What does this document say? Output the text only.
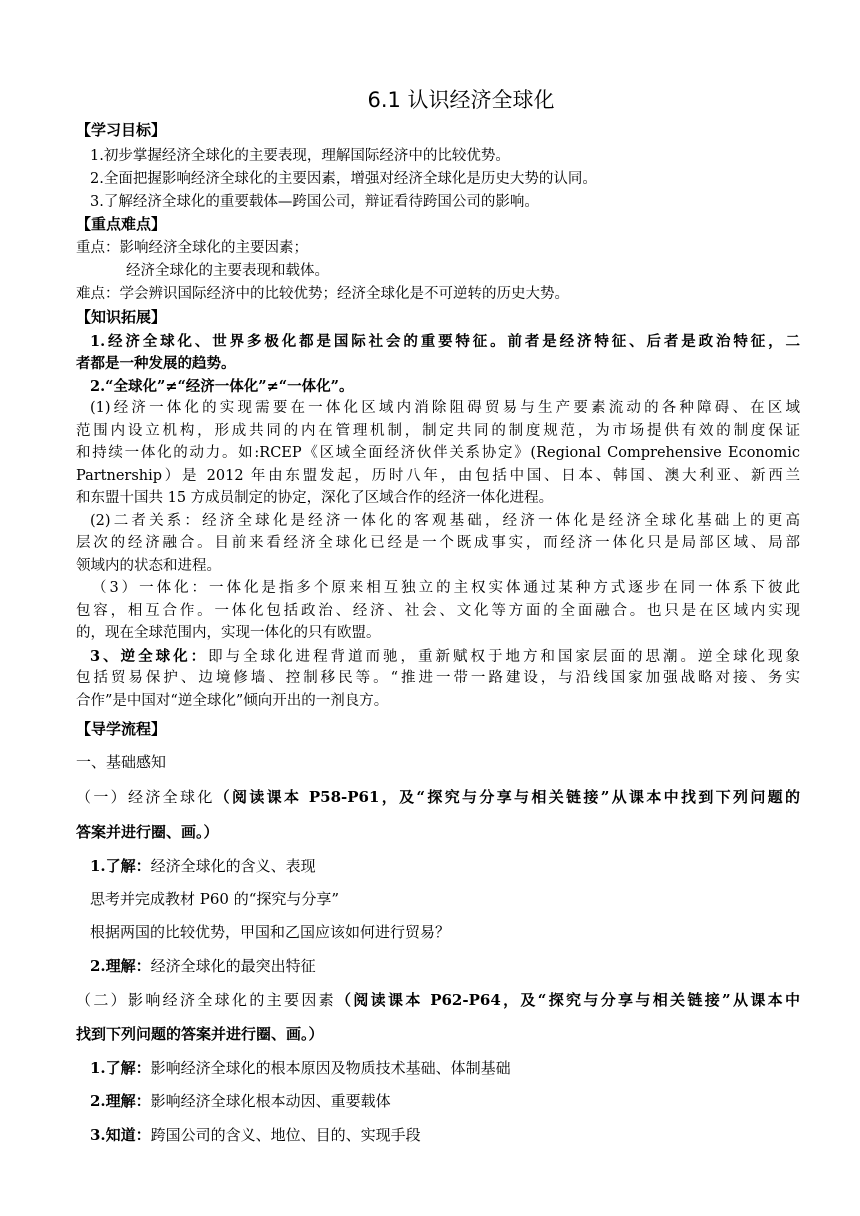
6.1 认识经济全球化
【学习目标】
1.初步掌握经济全球化的主要表现，理解国际经济中的比较优势。
2.全面把握影响经济全球化的主要因素，增强对经济全球化是历史大势的认同。
3.了解经济全球化的重要载体—跨国公司，辩证看待跨国公司的影响。
【重点难点】
重点：影响经济全球化的主要因素；
经济全球化的主要表现和载体。
难点：学会辨识国际经济中的比较优势；经济全球化是不可逆转的历史大势。
【知识拓展】
1.经济全球化、世界多极化都是国际社会的重要特征。前者是经济特征、后者是政治特征，二
者都是一种发展的趋势。
2.“全球化”≠“经济一体化”≠“一体化”。
(1)经济一体化的实现需要在一体化区域内消除阻碍贸易与生产要素流动的各种障碍、在区域
范围内设立机构，形成共同的内在管理机制，制定共同的制度规范，为市场提供有效的制度保证
和持续一体化的动力。如:RCEP《区域全面经济伙伴关系协定》(Regional Comprehensive Economic
Partnership）是 2012 年由东盟发起，历时八年，由包括中国、日本、韩国、澳大利亚、新西兰
和东盟十国共 15 方成员制定的协定，深化了区域合作的经济一体化进程。
(2)二者关系：经济全球化是经济一体化的客观基础，经济一体化是经济全球化基础上的更高
层次的经济融合。目前来看经济全球化已经是一个既成事实，而经济一体化只是局部区域、局部
领域内的状态和进程。
（3）一体化：一体化是指多个原来相互独立的主权实体通过某种方式逐步在同一体系下彼此
包容，相互合作。一体化包括政治、经济、社会、文化等方面的全面融合。也只是在区域内实现
的，现在全球范围内，实现一体化的只有欧盟。
3、逆全球化：即与全球化进程背道而驰，重新赋权于地方和国家层面的思潮。逆全球化现象
包括贸易保护、边境修墙、控制移民等。“推进一带一路建设，与沿线国家加强战略对接、务实
合作”是中国对“逆全球化”倾向开出的一剂良方。
【导学流程】
一、基础感知
（一）经济全球化（阅读课本 P58-P61，及“探究与分享与相关链接”从课本中找到下列问题的
答案并进行圈、画。）
1.了解：经济全球化的含义、表现
思考并完成教材 P60 的“探究与分享”
根据两国的比较优势，甲国和乙国应该如何进行贸易？
2.理解：经济全球化的最突出特征
（二）影响经济全球化的主要因素（阅读课本 P62-P64，及“探究与分享与相关链接”从课本中
找到下列问题的答案并进行圈、画。）
1.了解：影响经济全球化的根本原因及物质技术基础、体制基础
2.理解：影响经济全球化根本动因、重要载体
3.知道：跨国公司的含义、地位、目的、实现手段
